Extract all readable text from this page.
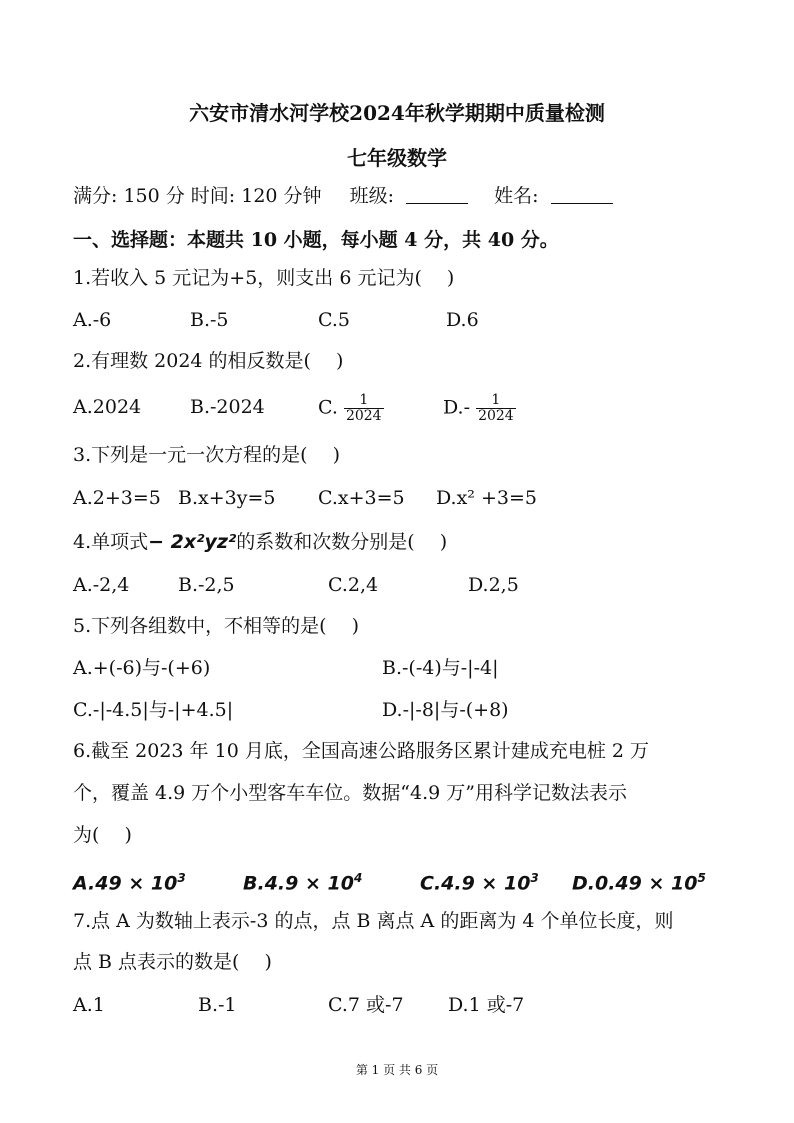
六安市清水河学校2024年秋学期期中质量检测
七年级数学
满分: 150 分 时间: 120 分钟 班级:	姓名:
一、选择题：本题共 10 小题，每小题 4 分，共 40 分。
1.若收入 5 元记为+5，则支出 6 元记为(　 )
A.-6	B.-5	C.5	D.6
2.有理数 2024 的相反数是(　 )
A.2024	B.-2024	C. $\frac{1}{2024}$	$D.- \frac{1}{2024}$
3.下列是一元一次方程的是(　 )
A.2+3=5 B.x+3y=5 C.x+3=5 D.x² +3=5
4.单项式− 2x²yz²的系数和次数分别是(　 )
A.-2,4	B.-2,5	C.2,4	D.2,5
5.下列各组数中，不相等的是(　 )
A.+(-6)与-(+6)	B.-(-4)与-|-4|
C.-|-4.5|与-|+4.5|	D.-|-8|与-(+8)
6.截至 2023 年 10 月底，全国高速公路服务区累计建成充电桩 2 万
个，覆盖 4.9 万个小型客车车位。数据“4.9 万”用科学记数法表示
为(　 )
$A.49 \times 10^3$	$B.4.9 \times 10^4$	$C.4.9 \times 10^3$ $D.0.49 \times 10^5$
7.点 A 为数轴上表示-3 的点，点 B 离点 A 的距离为 4 个单位长度，则
点 B 点表示的数是(　 )
A.1	B.-1	C.7 或-7 D.1 或-7
第 1 页 共 6 页
